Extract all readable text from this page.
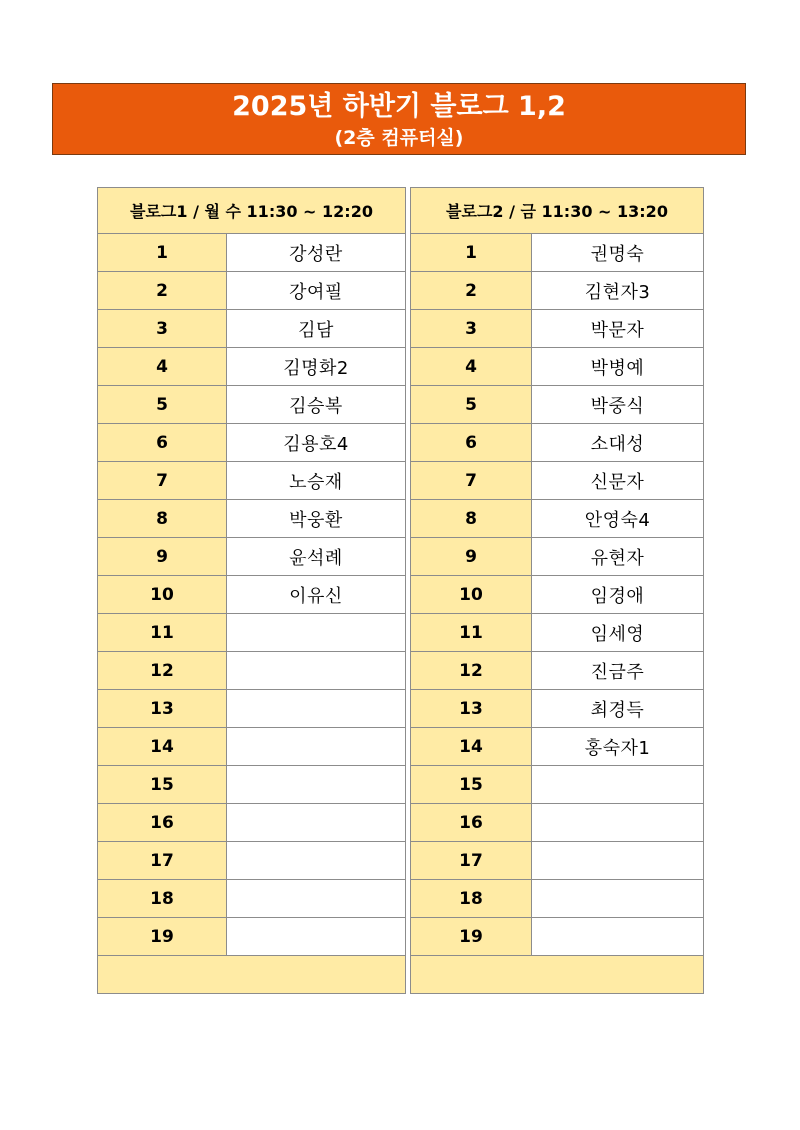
2025년 하반기 블로그 1,2
(2층 컴퓨터실)
블로그1 / 월 수 11:30 ~ 12:20	
1	강성란
2	강여필
3	김담
4	김명화2
5	김승복
6	김용호4
7	노승재
8	박웅환
9	윤석례
10	이유신
11	
12	
13	
14	
15	
16	
17	
18	
19	

블로그2 / 금 11:30 ~ 13:20	
1	권명숙
2	김현자3
3	박문자
4	박병예
5	박중식
6	소대성
7	신문자
8	안영숙4
9	유현자
10	임경애
11	임세영
12	진금주
13	최경득
14	홍숙자1
15	
16	
17	
18	
19	
